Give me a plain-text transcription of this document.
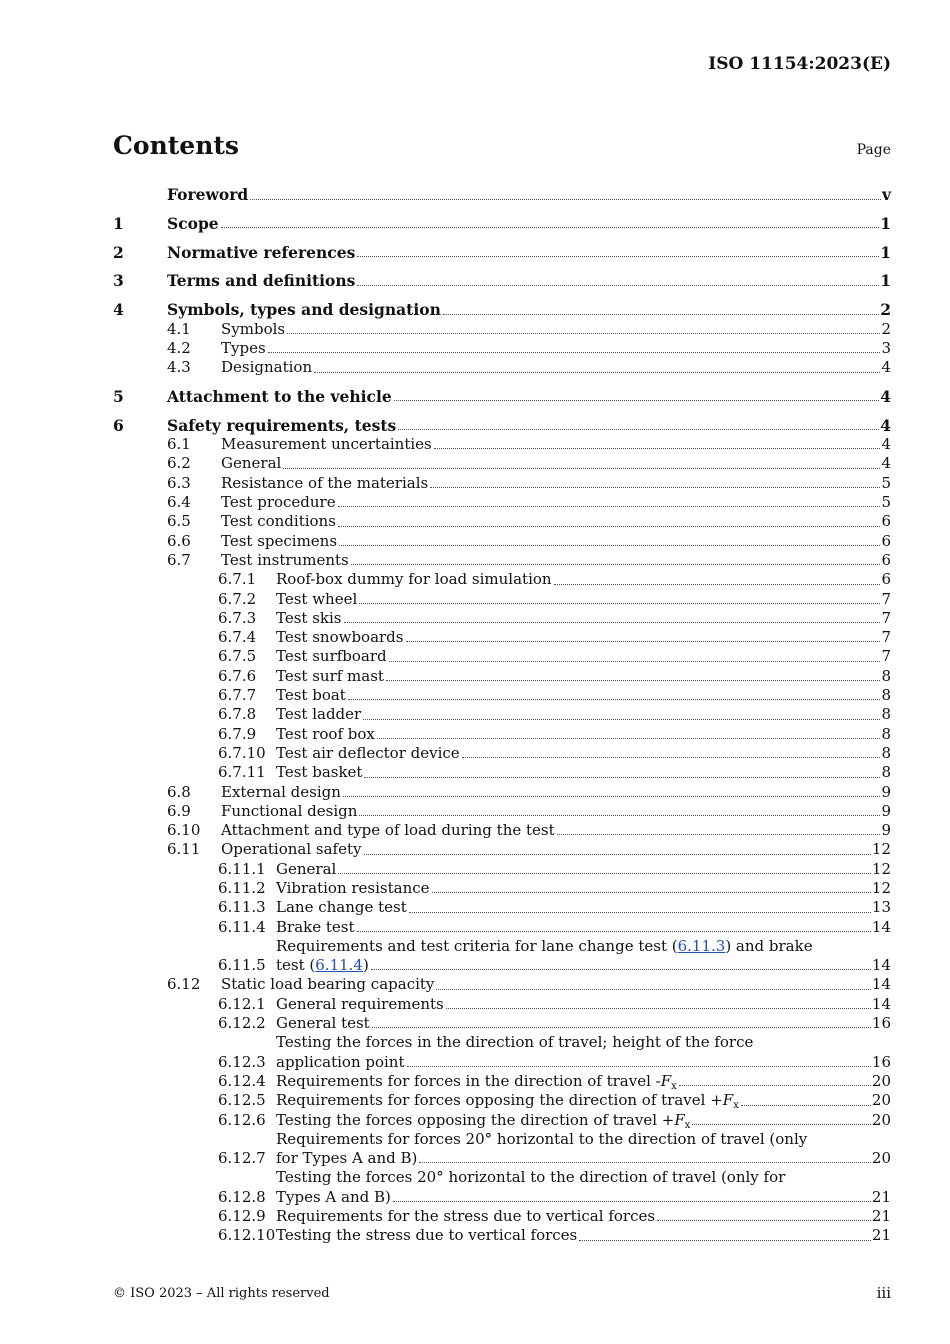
ISO 11154:2023(E)
Contents	Page
Foreword	v
1	Scope	1
2	Normative references	1
3	Terms and definitions	1
4	Symbols, types and designation	2
4.1	Symbols	2
4.2	Types	3
4.3	Designation	4
5	Attachment to the vehicle	4
6	Safety requirements, tests	4
6.1	Measurement uncertainties	4
6.2	General	4
6.3	Resistance of the materials	5
6.4	Test procedure	5
6.5	Test conditions	6
6.6	Test specimens	6
6.7	Test instruments	6
6.7.1	Roof-box dummy for load simulation	6
6.7.2	Test wheel	7
6.7.3	Test skis	7
6.7.4	Test snowboards	7
6.7.5	Test surfboard	7
6.7.6	Test surf mast	8
6.7.7	Test boat	8
6.7.8	Test ladder	8
6.7.9	Test roof box	8
6.7.10 Test air deflector device	8
6.7.11 Test basket	8
6.8	External design	9
6.9	Functional design	9
6.10	Attachment and type of load during the test	9
6.11	Operational safety	12
6.11.1 General	12
6.11.2 Vibration resistance	12
6.11.3 Lane change test	13
6.11.4 Brake test	14
6.11.5
Requirements and test criteria for lane change test (6.11.3) and brake
test (6.11.4)	14
6.12	Static load bearing capacity	14
6.12.1 General requirements	14
6.12.2 General test	16
6.12.3
Testing the forces in the direction of travel; height of the force
application point	16
6.12.4 Requirements for forces in the direction of travel $-F_x$	20
6.12.5 Requirements for forces opposing the direction of travel $+F_x$	20
6.12.6 Testing the forces opposing the direction of travel $+F_x$	20
6.12.7
Requirements for forces 20° horizontal to the direction of travel (only
for Types A and B)	20
6.12.8
Testing the forces 20° horizontal to the direction of travel (only for
Types A and B)	21
6.12.9 Requirements for the stress due to vertical forces	21
6.12.10 Testing the stress due to vertical forces	21
© ISO 2023 – All rights reserved	iii
